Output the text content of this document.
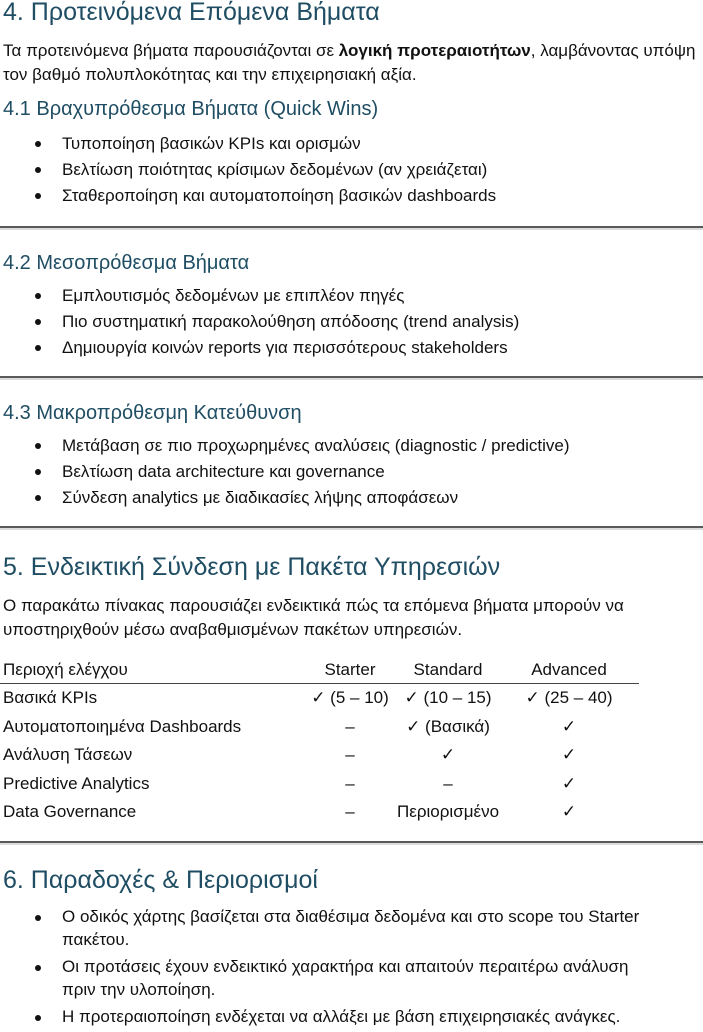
4. Προτεινόμενα Επόμενα Βήματα

Τα προτεινόμενα βήματα παρουσιάζονται σε λογική προτεραιοτήτων, λαμβάνοντας υπόψη τον βαθμό πολυπλοκότητας και την επιχειρησιακή αξία.

4.1 Βραχυπρόθεσμα Βήματα (Quick Wins)
Τυποποίηση βασικών KPIs και ορισμών
Βελτίωση ποιότητας κρίσιμων δεδομένων (αν χρειάζεται)
Σταθεροποίηση και αυτοματοποίηση βασικών dashboards
4.2 Μεσοπρόθεσμα Βήματα
Εμπλουτισμός δεδομένων με επιπλέον πηγές
Πιο συστηματική παρακολούθηση απόδοσης (trend analysis)
Δημιουργία κοινών reports για περισσότερους stakeholders
4.3 Μακροπρόθεσμη Κατεύθυνση
Μετάβαση σε πιο προχωρημένες αναλύσεις (diagnostic / predictive)
Βελτίωση data architecture και governance
Σύνδεση analytics με διαδικασίες λήψης αποφάσεων
5. Ενδεικτική Σύνδεση με Πακέτα Υπηρεσιών

Ο παρακάτω πίνακας παρουσιάζει ενδεικτικά πώς τα επόμενα βήματα μπορούν να υποστηριχθούν μέσω αναβαθμισμένων πακέτων υπηρεσιών.

Περιοχή ελέγχου	Starter	Standard	Advanced
Βασικά KPIs	✓ (5 – 10)	✓ (10 – 15)	✓ (25 – 40)
Αυτοματοποιημένα Dashboards	–	✓ (Βασικά)	✓
Ανάλυση Τάσεων	–	✓	✓
Predictive Analytics	–	–	✓
Data Governance	–	Περιορισμένο	✓
6. Παραδοχές & Περιορισμοί
Ο οδικός χάρτης βασίζεται στα διαθέσιμα δεδομένα και στο scope του Starter πακέτου.
Οι προτάσεις έχουν ενδεικτικό χαρακτήρα και απαιτούν περαιτέρω ανάλυση πριν την υλοποίηση.
Η προτεραιοποίηση ενδέχεται να αλλάξει με βάση επιχειρησιακές ανάγκες.
